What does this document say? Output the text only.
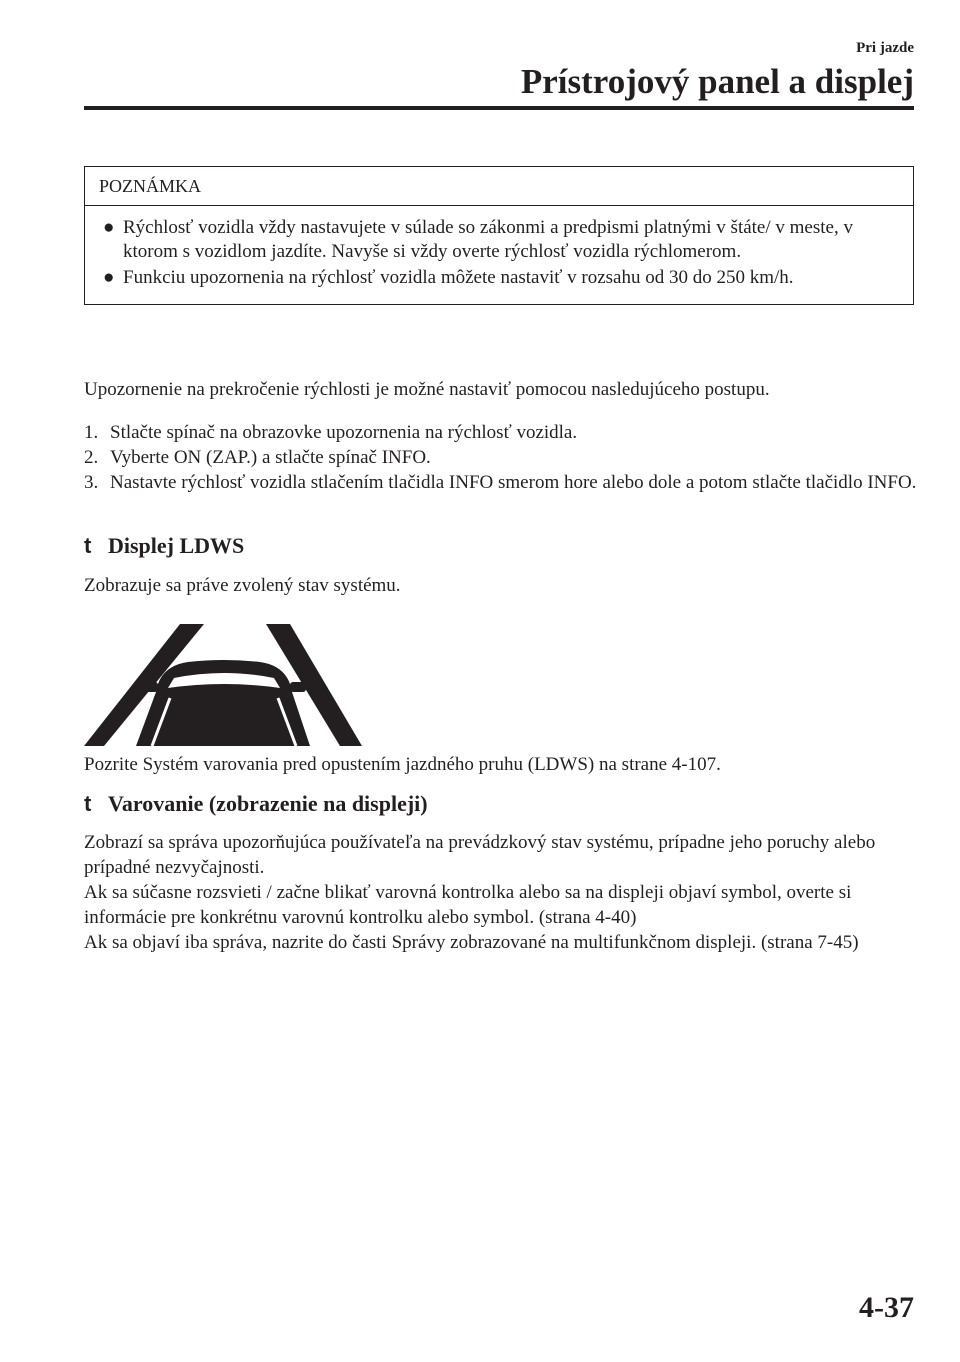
Pri jazde
Prístrojový panel a displej
POZNÁMKA
● Rýchlosť vozidla vždy nastavujete v súlade so zákonmi a predpismi platnými v štáte/ v meste, v ktorom s vozidlom jazdíte. Navyše si vždy overte rýchlosť vozidla rýchlomerom.
● Funkciu upozornenia na rýchlosť vozidla môžete nastaviť v rozsahu od 30 do 250 km/h.
Upozornenie na prekročenie rýchlosti je možné nastaviť pomocou nasledujúceho postupu.
1. Stlačte spínač na obrazovke upozornenia na rýchlosť vozidla.
2. Vyberte ON (ZAP.) a stlačte spínač INFO.
3. Nastavte rýchlosť vozidla stlačením tlačidla INFO smerom hore alebo dole a potom stlačte tlačidlo INFO.
t Displej LDWS
Zobrazuje sa práve zvolený stav systému.
Pozrite Systém varovania pred opustením jazdného pruhu (LDWS) na strane 4-107.
t Varovanie (zobrazenie na displeji)
Zobrazí sa správa upozorňujúca používateľa na prevádzkový stav systému, prípadne jeho poruchy alebo prípadné nezvyčajnosti.
Ak sa súčasne rozsvieti / začne blikať varovná kontrolka alebo sa na displeji objaví symbol, overte si informácie pre konkrétnu varovnú kontrolku alebo symbol. (strana 4-40)
Ak sa objaví iba správa, nazrite do časti Správy zobrazované na multifunkčnom displeji. (strana 7-45)
4-37
